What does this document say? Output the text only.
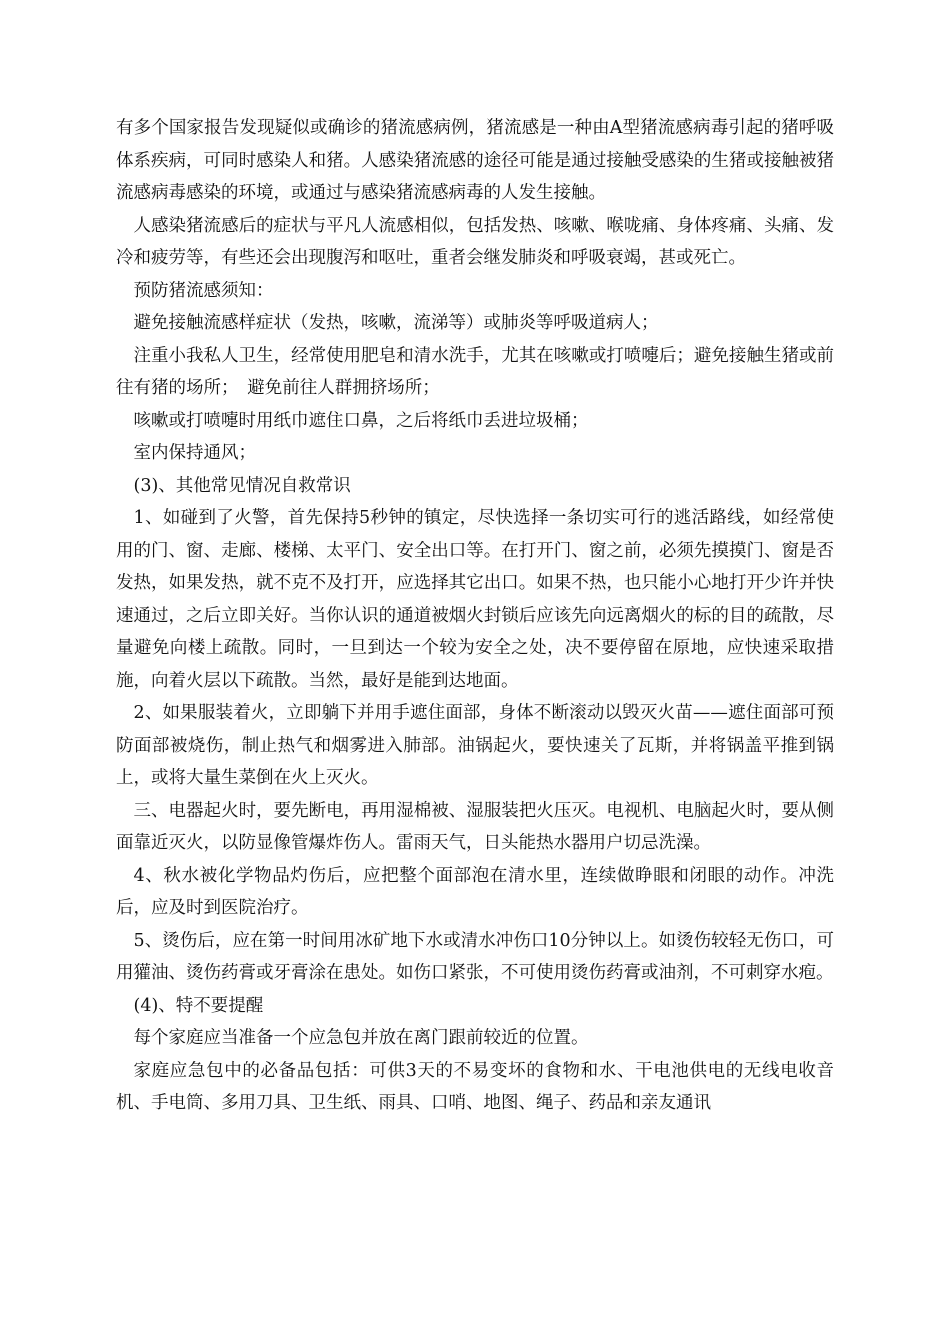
有多个国家报告发现疑似或确诊的猪流感病例，猪流感是一种由A型猪流感病毒引起的猪呼吸体系疾病，可同时感染人和猪。人感染猪流感的途径可能是通过接触受感染的生猪或接触被猪流感病毒感染的环境，或通过与感染猪流感病毒的人发生接触。

人感染猪流感后的症状与平凡人流感相似，包括发热、咳嗽、喉咙痛、身体疼痛、头痛、发冷和疲劳等，有些还会出现腹泻和呕吐，重者会继发肺炎和呼吸衰竭，甚或死亡。

预防猪流感须知：

避免接触流感样症状（发热，咳嗽，流涕等）或肺炎等呼吸道病人；

注重小我私人卫生，经常使用肥皂和清水洗手，尤其在咳嗽或打喷嚏后；避免接触生猪或前往有猪的场所；　避免前往人群拥挤场所；

咳嗽或打喷嚏时用纸巾遮住口鼻，之后将纸巾丢进垃圾桶；

室内保持通风；

(3)、其他常见情况自救常识

1、如碰到了火警，首先保持5秒钟的镇定，尽快选择一条切实可行的逃活路线，如经常使用的门、窗、走廊、楼梯、太平门、安全出口等。在打开门、窗之前，必须先摸摸门、窗是否发热，如果发热，就不克不及打开，应选择其它出口。如果不热，也只能小心地打开少许并快速通过，之后立即关好。当你认识的通道被烟火封锁后应该先向远离烟火的标的目的疏散，尽量避免向楼上疏散。同时，一旦到达一个较为安全之处，决不要停留在原地，应快速采取措施，向着火层以下疏散。当然，最好是能到达地面。

2、如果服装着火，立即躺下并用手遮住面部，身体不断滚动以毁灭火苗——遮住面部可预防面部被烧伤，制止热气和烟雾进入肺部。油锅起火，要快速关了瓦斯，并将锅盖平推到锅上，或将大量生菜倒在火上灭火。

三、电器起火时，要先断电，再用湿棉被、湿服装把火压灭。电视机、电脑起火时，要从侧面靠近灭火，以防显像管爆炸伤人。雷雨天气，日头能热水器用户切忌洗澡。

4、秋水被化学物品灼伤后，应把整个面部泡在清水里，连续做睁眼和闭眼的动作。冲洗后，应及时到医院治疗。

5、烫伤后，应在第一时间用冰矿地下水或清水冲伤口10分钟以上。如烫伤较轻无伤口，可用獾油、烫伤药膏或牙膏涂在患处。如伤口紧张，不可使用烫伤药膏或油剂，不可刺穿水疱。

(4)、特不要提醒

每个家庭应当准备一个应急包并放在离门跟前较近的位置。

家庭应急包中的必备品包括：可供3天的不易变坏的食物和水、干电池供电的无线电收音机、手电筒、多用刀具、卫生纸、雨具、口哨、地图、绳子、药品和亲友通讯
